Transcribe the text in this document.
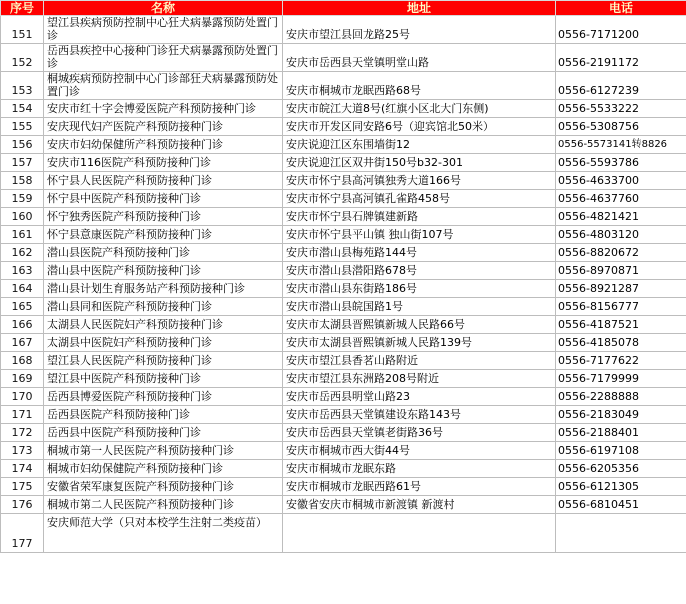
序号	名称	地址	电话
151	望江县疾病预防控制中心狂犬病暴露预防处置门诊	安庆市望江县回龙路25号	0556-7171200
152	岳西县疾控中心接种门诊狂犬病暴露预防处置门诊	安庆市岳西县天堂镇明堂山路	0556-2191172
153	桐城疾病预防控制中心门诊部狂犬病暴露预防处置门诊	安庆市桐城市龙眠西路68号	0556-6127239
154	安庆市红十字会博爱医院产科预防接种门诊	安庆市皖江大道8号(红旗小区北大门东侧)	0556-5533222
155	安庆现代妇产医院产科预防接种门诊	安庆市开发区同安路6号（迎宾馆北50米）	0556-5308756
156	安庆市妇幼保健所产科预防接种门诊	安庆说迎江区东围墙街12	0556-5573141转8826
157	安庆市116医院产科预防接种门诊	安庆说迎江区双井街150号b32-301	0556-5593786
158	怀宁县人民医院产科预防接种门诊	安庆市怀宁县高河镇独秀大道166号	0556-4633700
159	怀宁县中医院产科预防接种门诊	安庆市怀宁县高河镇孔雀路458号	0556-4637760
160	怀宁独秀医院产科预防接种门诊	安庆市怀宁县石牌镇建新路	0556-4821421
161	怀宁县意康医院产科预防接种门诊	安庆市怀宁县平山镇 独山街107号	0556-4803120
162	潜山县医院产科预防接种门诊	安庆市潜山县梅苑路144号	0556-8820672
163	潜山县中医院产科预防接种门诊	安庆市潜山县潜阳路678号	0556-8970871
164	潜山县计划生育服务站产科预防接种门诊	安庆市潜山县东街路186号	0556-8921287
165	潜山县同和医院产科预防接种门诊	安庆市潜山县皖国路1号	0556-8156777
166	太湖县人民医院妇产科预防接种门诊	安庆市太湖县晋熙镇新城人民路66号	0556-4187521
167	太湖县中医院妇产科预防接种门诊	安庆市太湖县晋熙镇新城人民路139号	0556-4185078
168	望江县人民医院产科预防接种门诊	安庆市望江县香茗山路附近	0556-7177622
169	望江县中医院产科预防接种门诊	安庆市望江县东洲路208号附近	0556-7179999
170	岳西县博爱医院产科预防接种门诊	安庆市岳西县明堂山路23	0556-2288888
171	岳西县医院产科预防接种门诊	安庆市岳西县天堂镇建设东路143号	0556-2183049
172	岳西县中医院产科预防接种门诊	安庆市岳西县天堂镇老街路36号	0556-2188401
173	桐城市第一人民医院产科预防接种门诊	安庆市桐城市西大街44号	0556-6197108
174	桐城市妇幼保健院产科预防接种门诊	安庆市桐城市龙眠东路	0556-6205356
175	安徽省荣军康复医院产科预防接种门诊	安庆市桐城市龙眠西路61号	0556-6121305
176	桐城市第二人民医院产科预防接种门诊	安徽省安庆市桐城市新渡镇 新渡村	0556-6810451
177	安庆师范大学（只对本校学生注射二类疫苗）		
